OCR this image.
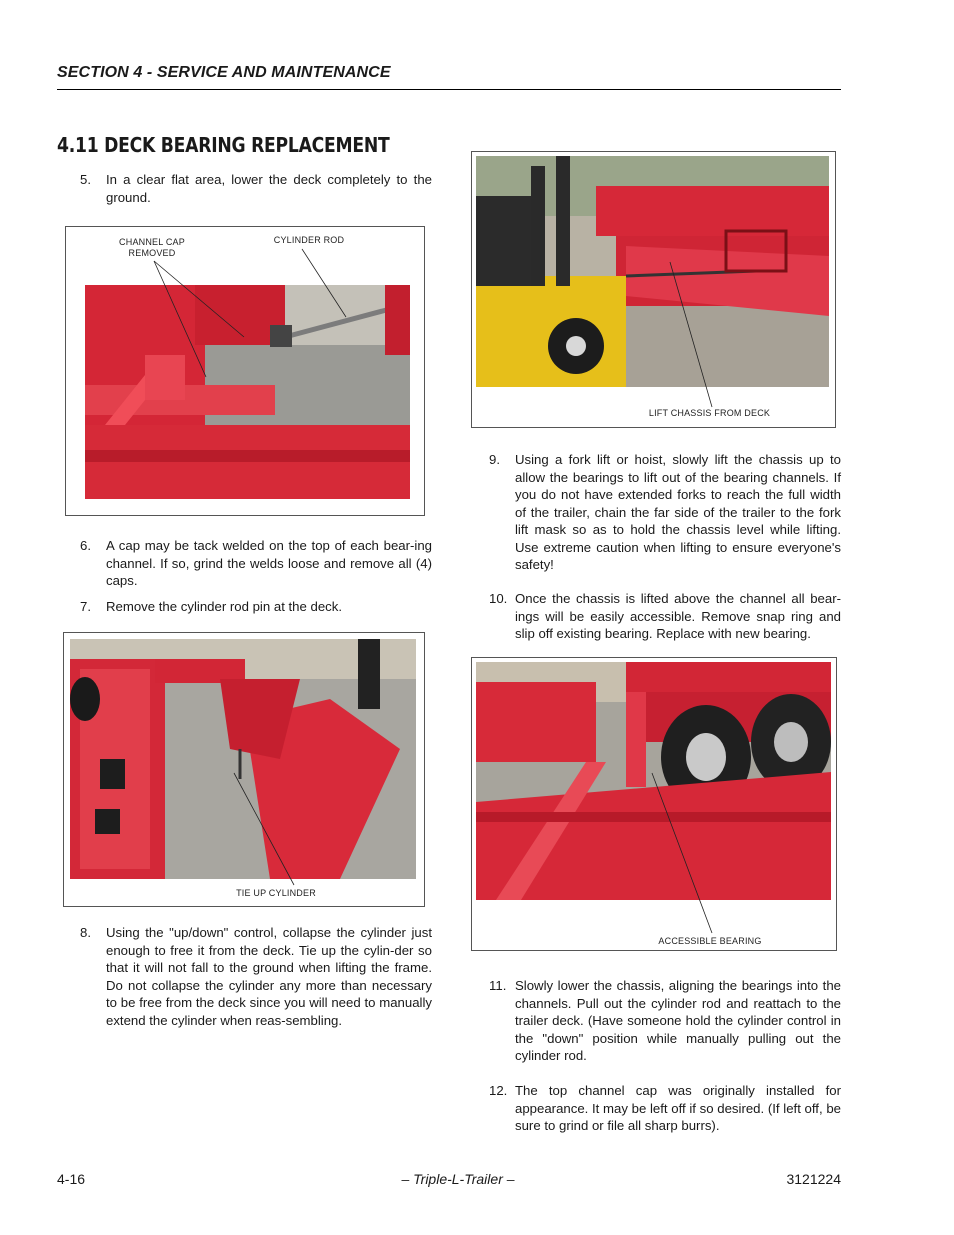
SECTION 4 - SERVICE AND MAINTENANCE
4.11 DECK BEARING REPLACEMENT
5.	In a clear flat area, lower the deck completely to the ground.
CHANNEL CAP
REMOVED
CYLINDER ROD
6.	A cap may be tack welded on the top of each bear-ing channel. If so, grind the welds loose and remove all (4) caps.
7.	Remove the cylinder rod pin at the deck.
TIE UP CYLINDER
8.	Using the "up/down" control, collapse the cylinder just enough to free it from the deck. Tie up the cylin-der so that it will not fall to the ground when lifting the frame. Do not collapse the cylinder any more than necessary to be free from the deck since you will need to manually extend the cylinder when reas-sembling.
LIFT CHASSIS FROM DECK
9.	Using a fork lift or hoist, slowly lift the chassis up to allow the bearings to lift out of the bearing channels. If you do not have extended forks to reach the full width of the trailer, chain the far side of the trailer to the fork lift mask so as to hold the chassis level while lifting. Use extreme caution when lifting to ensure everyone's safety!
10. Once the chassis is lifted above the channel all bear-ings will be easily accessible. Remove snap ring and slip off existing bearing. Replace with new bearing.
ACCESSIBLE BEARING
11. Slowly lower the chassis, aligning the bearings into the channels. Pull out the cylinder rod and reattach to the trailer deck. (Have someone hold the cylinder control in the "down" position while manually pulling out the cylinder rod.
12. The top channel cap was originally installed for appearance. It may be left off if so desired. (If left off, be sure to grind or file all sharp burrs).
4-16	– Triple-L-Trailer –	3121224
